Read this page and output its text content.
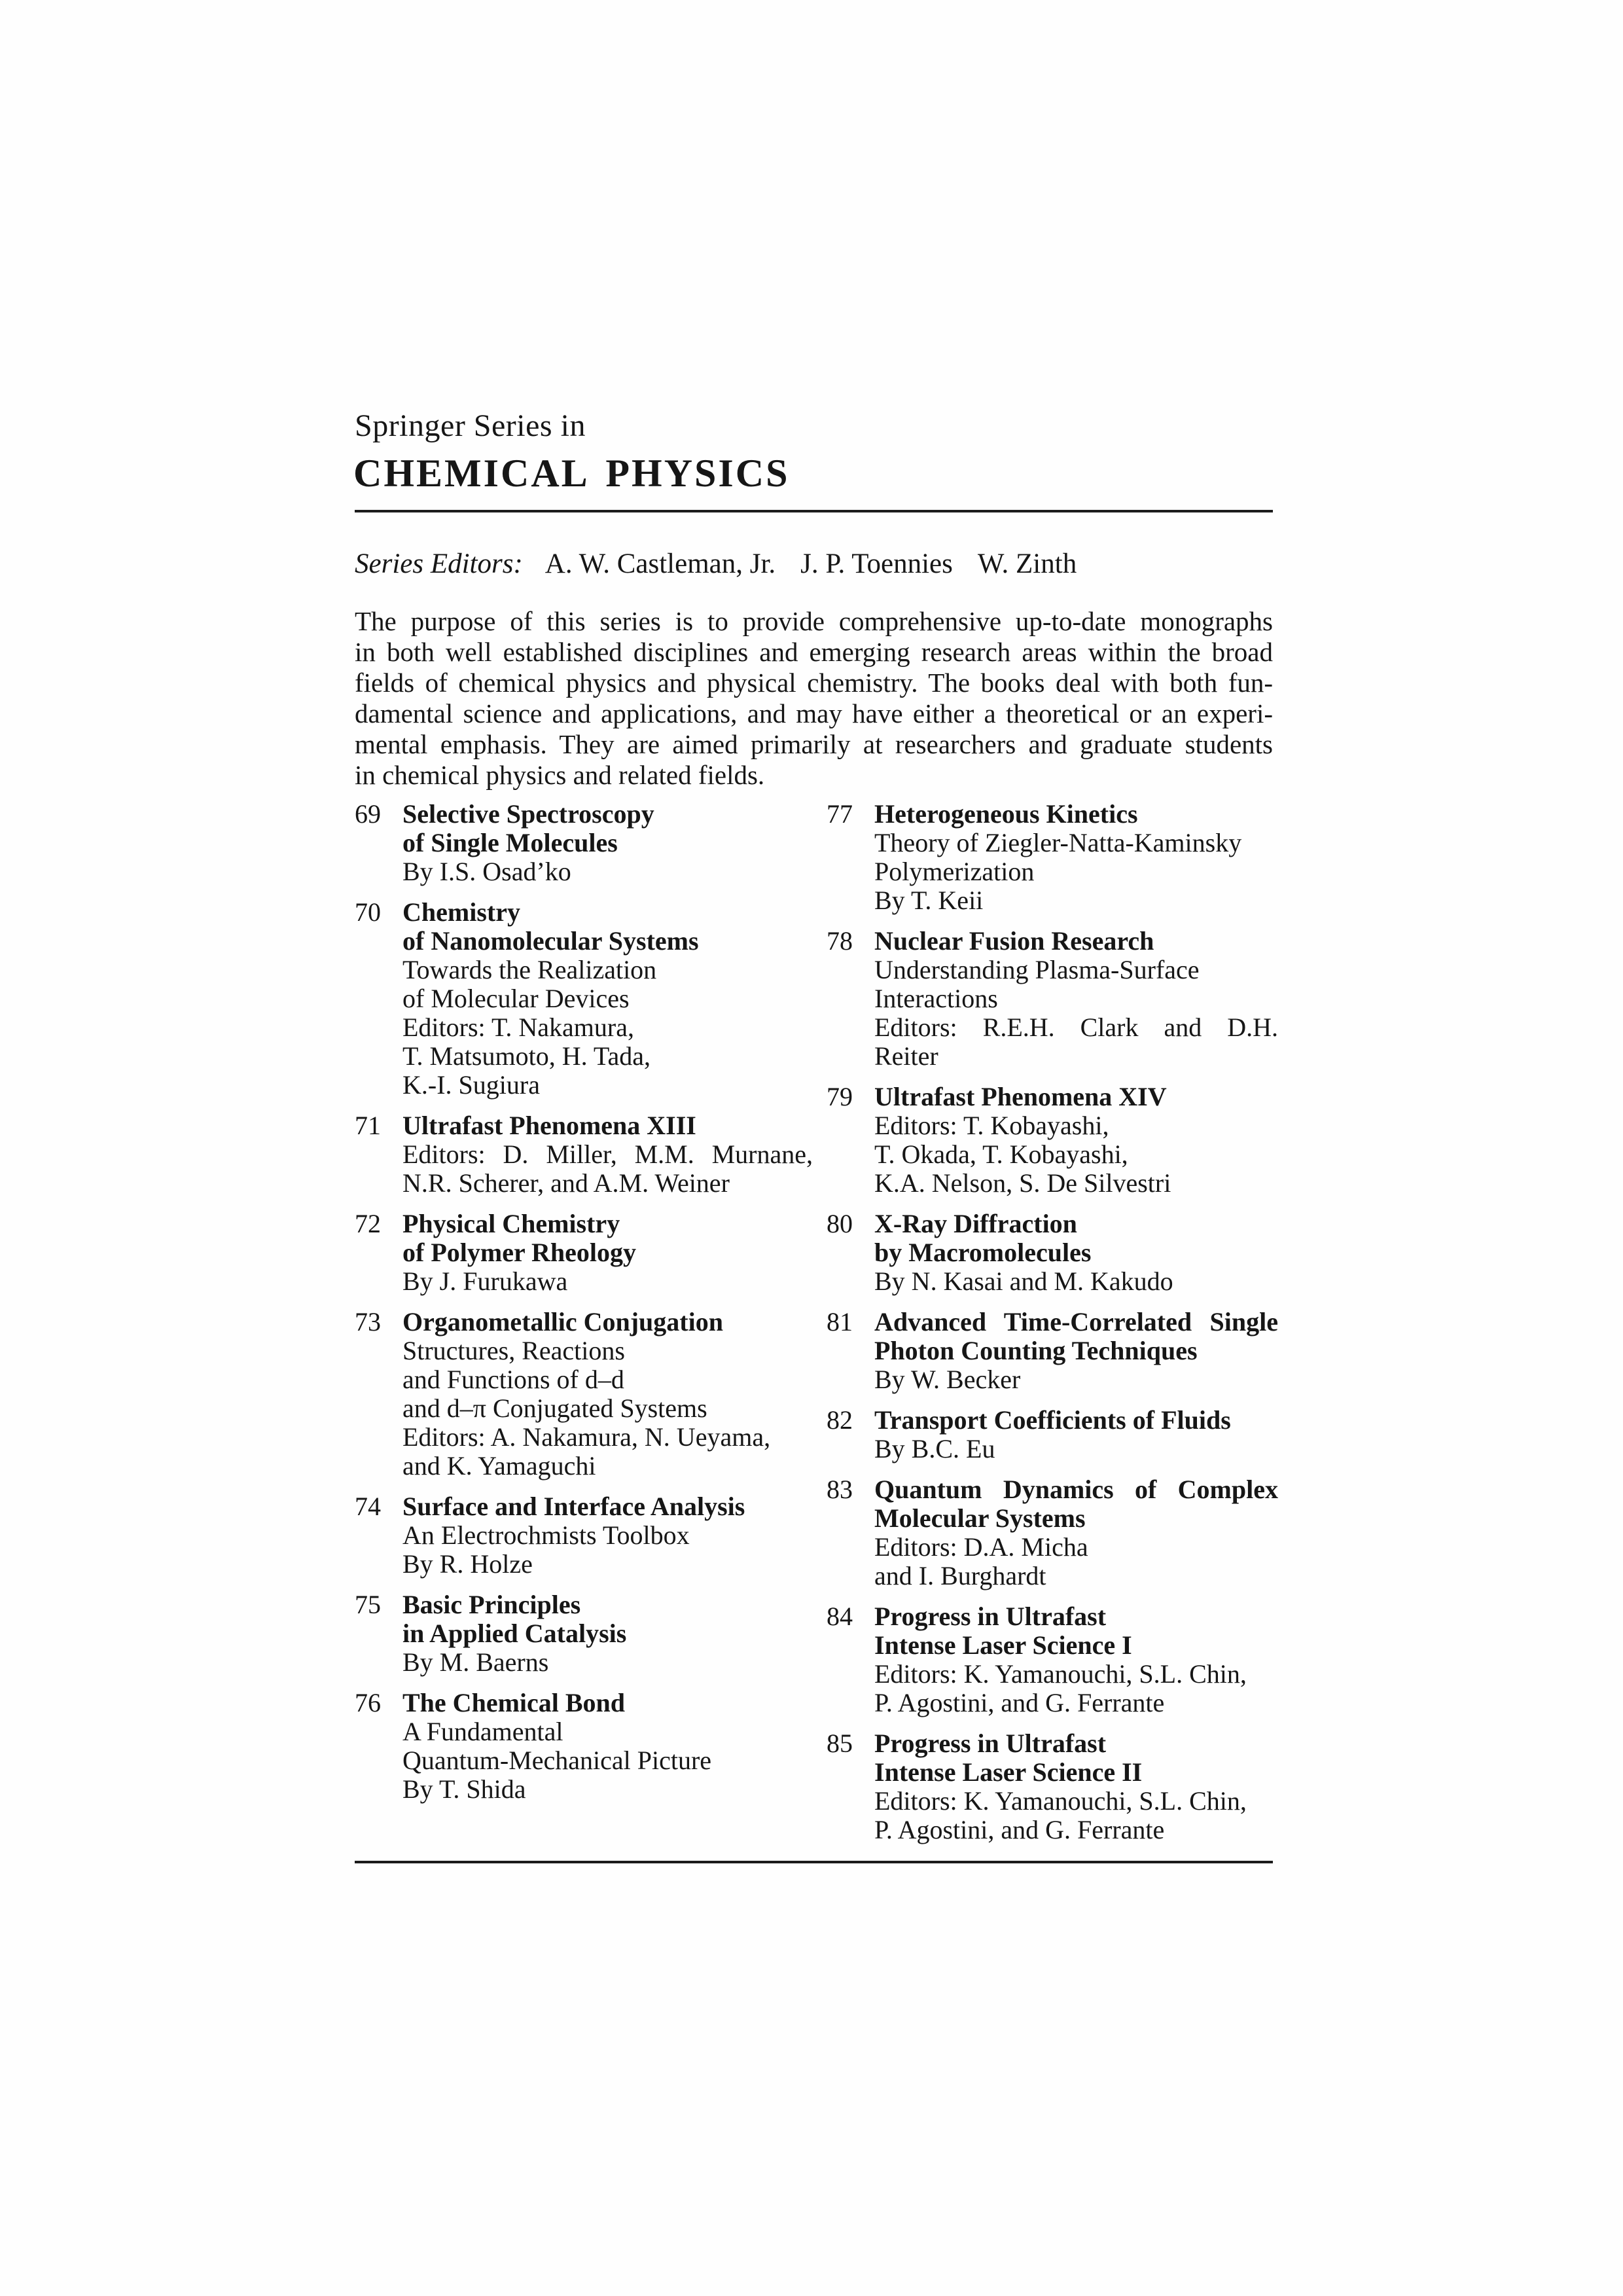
Springer Series in
CHEMICAL PHYSICS
Series Editors: A. W. Castleman, Jr. J. P. Toennies W. Zinth
The purpose of this series is to provide comprehensive up-to-date monographs
in both well established disciplines and emerging research areas within the broad
fields of chemical physics and physical chemistry. The books deal with both fun-
damental science and applications, and may have either a theoretical or an experi-
mental emphasis. They are aimed primarily at researchers and graduate students
in chemical physics and related fields.
69 Selective Spectroscopy
of Single Molecules
By I.S. Osad’ko
70 Chemistry
of Nanomolecular Systems
Towards the Realization
of Molecular Devices
Editors: T. Nakamura,
T. Matsumoto, H. Tada,
K.-I. Sugiura
71 Ultrafast Phenomena XIII
Editors: D. Miller, M.M. Murnane,
N.R. Scherer, and A.M. Weiner
72 Physical Chemistry
of Polymer Rheology
By J. Furukawa
73 Organometallic Conjugation
Structures, Reactions
and Functions of d–d
and d–π Conjugated Systems
Editors: A. Nakamura, N. Ueyama,
and K. Yamaguchi
74 Surface and Interface Analysis
An Electrochmists Toolbox
By R. Holze
75 Basic Principles
in Applied Catalysis
By M. Baerns
76 The Chemical Bond
A Fundamental
Quantum-Mechanical Picture
By T. Shida
77 Heterogeneous Kinetics
Theory of Ziegler-Natta-Kaminsky
Polymerization
By T. Keii
78 Nuclear Fusion Research
Understanding Plasma-Surface
Interactions
Editors: R.E.H. Clark and D.H.
Reiter
79 Ultrafast Phenomena XIV
Editors: T. Kobayashi,
T. Okada, T. Kobayashi,
K.A. Nelson, S. De Silvestri
80 X-Ray Diffraction
by Macromolecules
By N. Kasai and M. Kakudo
81 Advanced Time-Correlated Single
Photon Counting Techniques
By W. Becker
82 Transport Coefficients of Fluids
By B.C. Eu
83 Quantum Dynamics of Complex
Molecular Systems
Editors: D.A. Micha
and I. Burghardt
84 Progress in Ultrafast
Intense Laser Science I
Editors: K. Yamanouchi, S.L. Chin,
P. Agostini, and G. Ferrante
85 Progress in Ultrafast
Intense Laser Science II
Editors: K. Yamanouchi, S.L. Chin,
P. Agostini, and G. Ferrante
